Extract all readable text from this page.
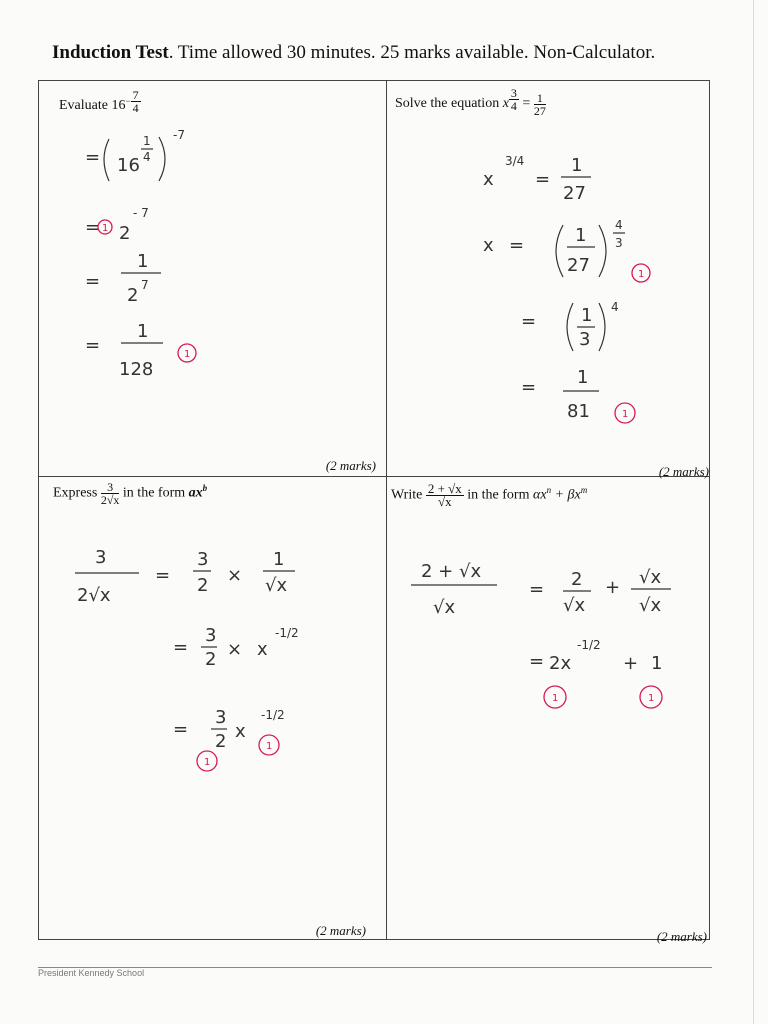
Induction Test. Time allowed 30 minutes. 25 marks available. Non-Calculator.
Evaluate $16^{- \frac{7}{4}}$
= 16
1
4
-7
= 1 2
- 7
=
1
2 7
=
1
128
1
(2 marks)
Solve the equation x $^{\frac{3}{4}} = \frac{1}{27}$
x
3/4
=
1
27
x =	1
27
4
3
1
= 1
3
4
= 1
81	1
(2 marks)
Express $\frac{3}{2√x}$ in the form $ax^b$
3
2√x
=
3
2 ×
1
√x
=
3
2 × x
-1/2
=
3
2 x
-1/2
1
1
(2 marks)
Write $\frac{2 + √x}{√x}$ in the form $\alpha x^n + \beta x^m$
2 + √x
√x
= 2
√x
+ √x
√x
= 2x
-1/2
+ 1
1	1
(2 marks)
President Kennedy School
